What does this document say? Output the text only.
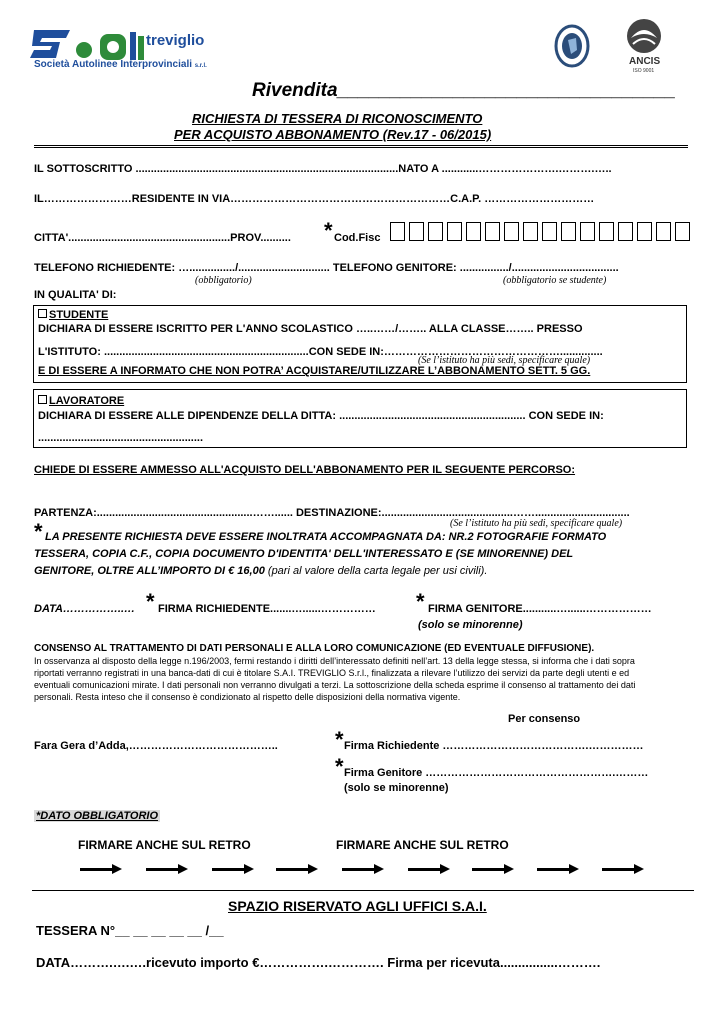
treviglio
Società Autolinee Interprovinciali s.r.l.	ANCIS
ISO 9001
Rivendita________________________________
RICHIESTA DI TESSERA DI RICONOSCIMENTO
PER ACQUISTO ABBONAMENTO (Rev.17 - 06/2015)
IL SOTTOSCRITTO ......................................................................................NATO A ............………………….……….…..
IL……………………RESIDENTE IN VIA……………………………………………………C.A.P. …………………………
CITTA'.....................................................PROV.......... * Cod.Fisc
TELEFONO RICHIEDENTE: ….............../.............................. TELEFONO GENITORE: ................/...................................
(obbligatorio)	(obbligatorio se studente)
IN QUALITA' DI:
STUDENTE
DICHIARA DI ESSERE ISCRITTO PER L'ANNO SCOLASTICO …..……/…….. ALLA CLASSE…….. PRESSO
L'ISTITUTO: ...................................................................CON SEDE IN:…………………………………………..............
(Se l’istituto ha più sedi, specificare quale)
E DI ESSERE A INFORMATO CHE NON POTRA’ ACQUISTARE/UTILIZZARE L’ABBONAMENTO SETT. 5 GG.
LAVORATORE
DICHIARA DI ESSERE ALLE DIPENDENZE DELLA DITTA: ............................................................. CON SEDE IN:
......................................................
CHIEDE DI ESSERE AMMESSO ALL'ACQUISTO DELL'ABBONAMENTO PER IL SEGUENTE PERCORSO:
PARTENZA:...................................................……...... DESTINAZIONE:...........................................……...............................
(Se l’istituto ha più sedi, specificare quale)
* LA PRESENTE RICHIESTA DEVE ESSERE INOLTRATA ACCOMPAGNATA DA: NR.2 FOTOGRAFIE FORMATO
TESSERA, COPIA C.F., COPIA DOCUMENTO D'IDENTITA' DELL'INTERESSATO E (SE MINORENNE) DEL
GENITORE, OLTRE ALL’IMPORTO DI € 16,00 (pari al valore della carta legale per usi civili).
DATA……………..… * FIRMA RICHIEDENTE.......…......…………… * FIRMA GENITORE...........…......………………
(solo se minorenne)
CONSENSO AL TRATTAMENTO DI DATI PERSONALI E ALLA LORO COMUNICAZIONE (ED EVENTUALE DIFFUSIONE).
In osservanza al disposto della legge n.196/2003, fermi restando i diritti dell’interessato definiti nell’art. 13 della legge stessa, si informa che i dati sopra
riportati verranno registrati in una banca-dati di cui è titolare S.A.I. TREVIGLIO S.r.l., finalizzata a rilevare l’utilizzo dei servizi da parte degli utenti e ed
eventuali comunicazioni mirate. I dati personali non verranno divulgati a terzi. La sottoscrizione della scheda esprime il consenso al trattamento dei dati
personali. Resta inteso che il consenso è condizionato al rispetto delle disposizioni della normativa vigente.
Per consenso
Fara Gera d’Adda,…………………………………..	* Firma Richiedente ………………………………….……………
* Firma Genitore …………………………………………….………
(solo se minorenne)
*DATO OBBLIGATORIO
FIRMARE ANCHE SUL RETRO	FIRMARE ANCHE SUL RETRO
SPAZIO RISERVATO AGLI UFFICI S.A.I.
TESSERA N°__ __ __ __ __ /__
DATA……….….….ricevuto importo €…………….…………. Firma per ricevuta................……….
